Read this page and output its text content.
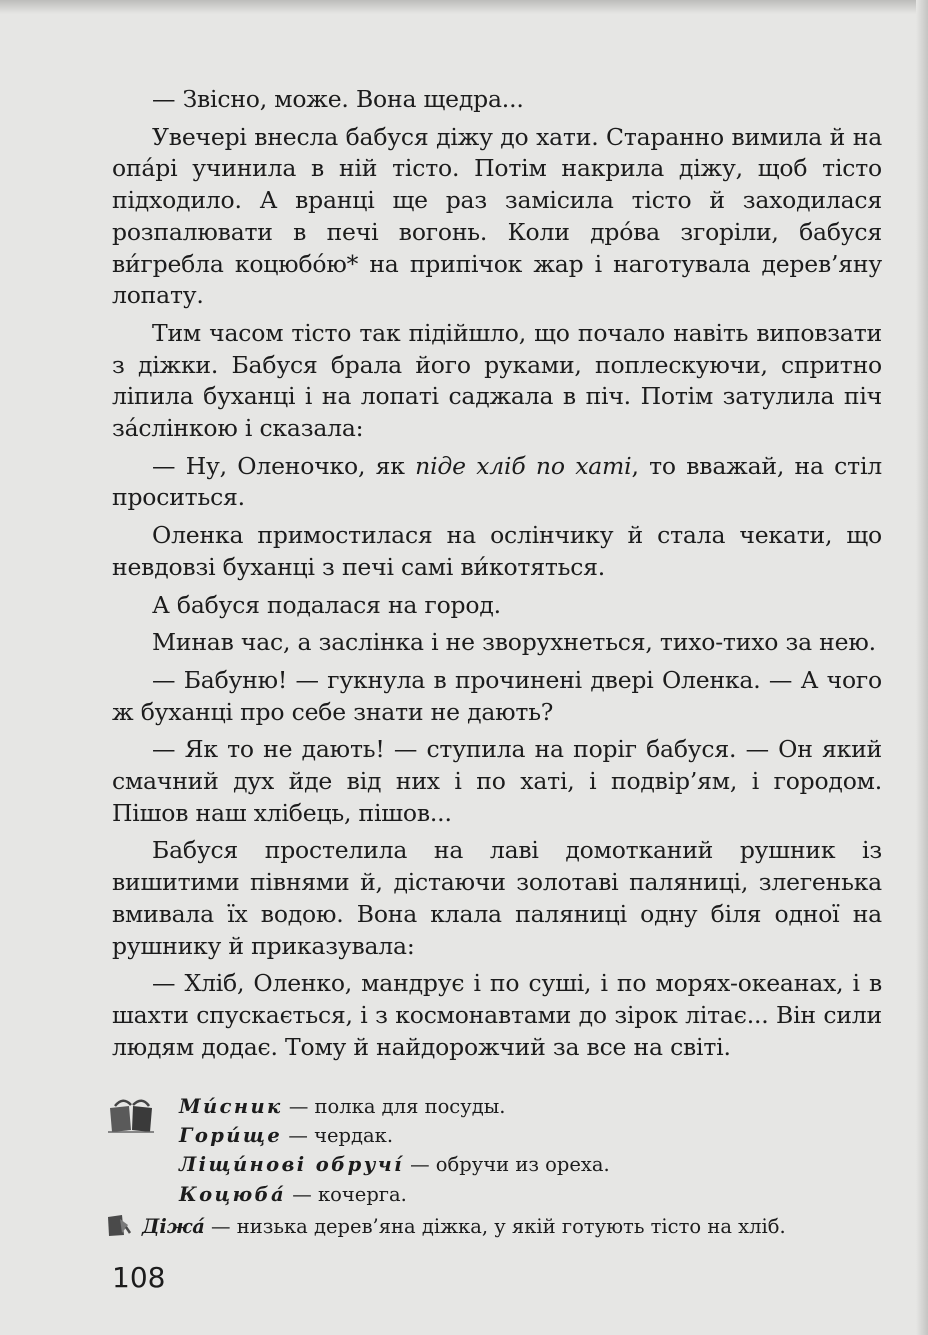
— Звісно, може. Вона щедра...

Увечері внесла бабуся діжу до хати. Старанно вимила й на опа́рі учинила в ній тісто. Потім накрила діжу, щоб тісто підходило. А вранці ще раз замісила тісто й заходилася розпалювати в печі вогонь. Коли дро́ва згоріли, бабуся ви́гребла коцюбо́ю* на припічок жар і наготувала дерев’яну лопату.

Тим часом тісто так підійшло, що почало навіть виповзати з діжки. Бабуся брала його руками, поплескуючи, спритно ліпила буханці і на лопаті саджала в піч. Потім затулила піч за́слінкою і сказала:

— Ну, Оленочко, як піде хліб по хаті, то вважай, на стіл проситься.

Оленка примостилася на ослінчику й стала чекати, що невдовзі буханці з печі самі ви́котяться.

А бабуся подалася на город.

Минав час, а заслінка і не зворухнеться, тихо-тихо за нею.

— Бабуню! — гукнула в прочинені двері Оленка. — А чого ж буханці про себе знати не дають?

— Як то не дають! — ступила на поріг бабуся. — Он який смачний дух йде від них і по хаті, і подвір’ям, і городом. Пішов наш хлібець, пішов...

Бабуся простелила на лаві домотканий рушник із вишитими півнями й, дістаючи золотаві паляниці, злегенька вмивала їх водою. Вона клала паляниці одну біля одної на рушнику й приказувала:

— Хліб, Оленко, мандрує і по суші, і по морях-океанах, і в шахти спускається, і з космонавтами до зірок літає... Він сили людям додає. Тому й найдорожчий за все на світі.

Ми́сник — полка для посуды.
Гори́ще — чердак.
Ліщи́нові обручі́ — обручи из ореха.
Коцюба́ — кочерга.
Діжа́ — низька дерев’яна діжка, у якій готують тісто на хліб.
108
